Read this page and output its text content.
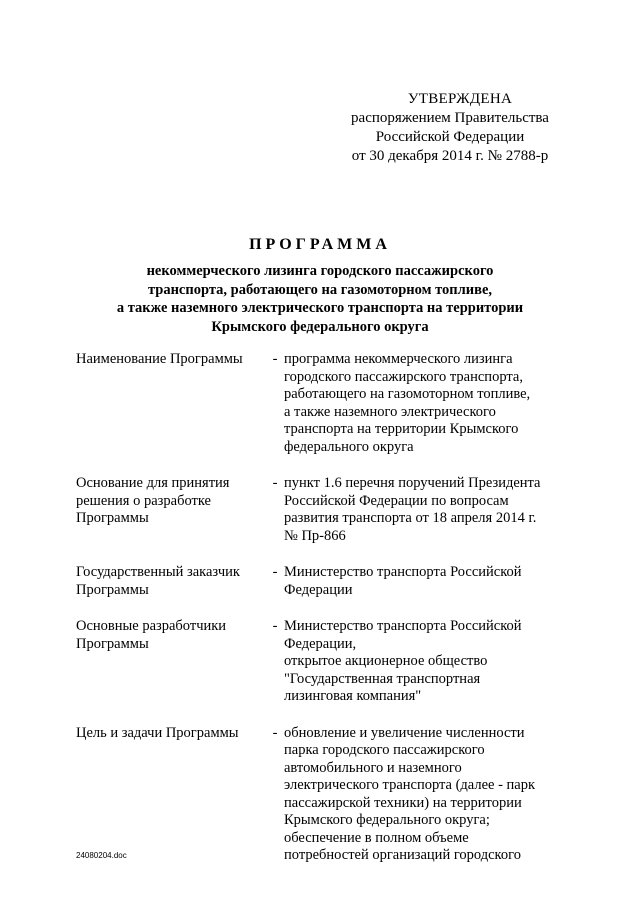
УТВЕРЖДЕНА
распоряжением Правительства
Российской Федерации
от 30 декабря 2014 г. № 2788-р
ПРОГРАММА
некоммерческого лизинга городского пассажирского
транспорта, работающего на газомоторном топливе,
а также наземного электрического транспорта на территории
Крымского федерального округа
Наименование Программы	- программа некоммерческого лизинга
городского пассажирского транспорта,
работающего на газомоторном топливе,
а также наземного электрического
транспорта на территории Крымского
федерального округа
Основание для принятия
решения о разработке
Программы
- пункт 1.6 перечня поручений Президента
Российской Федерации по вопросам
развития транспорта от 18 апреля 2014 г.
№ Пр-866
Государственный заказчик
Программы
- Министерство транспорта Российской
Федерации
Основные разработчики
Программы
- Министерство транспорта Российской
Федерации,
открытое акционерное общество
"Государственная транспортная
лизинговая компания"
Цель и задачи Программы	- обновление и увеличение численности
парка городского пассажирского
автомобильного и наземного
электрического транспорта (далее - парк
пассажирской техники) на территории
Крымского федерального округа;
обеспечение в полном объеме
потребностей организаций городского
24080204.doc
